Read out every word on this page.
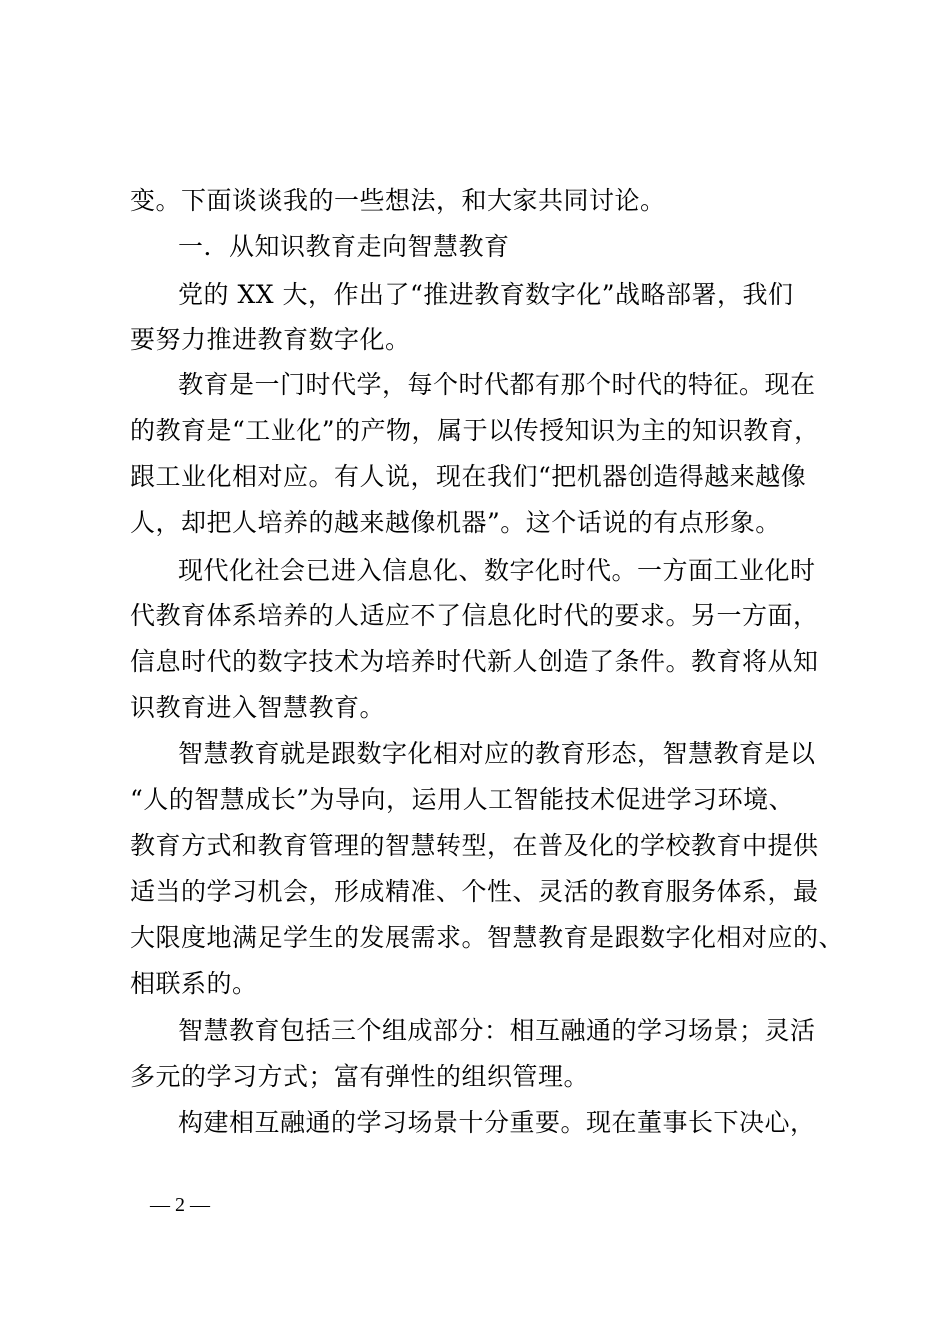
变。下面谈谈我的一些想法，和大家共同讨论。
一．从知识教育走向智慧教育
党的 XX 大，作出了“推进教育数字化”战略部署，我们
要努力推进教育数字化。
教育是一门时代学，每个时代都有那个时代的特征。现在
的教育是“工业化”的产物，属于以传授知识为主的知识教育，
跟工业化相对应。有人说，现在我们“把机器创造得越来越像
人，却把人培养的越来越像机器”。这个话说的有点形象。
现代化社会已进入信息化、数字化时代。一方面工业化时
代教育体系培养的人适应不了信息化时代的要求。另一方面，
信息时代的数字技术为培养时代新人创造了条件。教育将从知
识教育进入智慧教育。
智慧教育就是跟数字化相对应的教育形态，智慧教育是以
“人的智慧成长”为导向，运用人工智能技术促进学习环境、
教育方式和教育管理的智慧转型，在普及化的学校教育中提供
适当的学习机会，形成精准、个性、灵活的教育服务体系，最
大限度地满足学生的发展需求。智慧教育是跟数字化相对应的、
相联系的。
智慧教育包括三个组成部分：相互融通的学习场景；灵活
多元的学习方式；富有弹性的组织管理。
构建相互融通的学习场景十分重要。现在董事长下决心，
— 2 —
